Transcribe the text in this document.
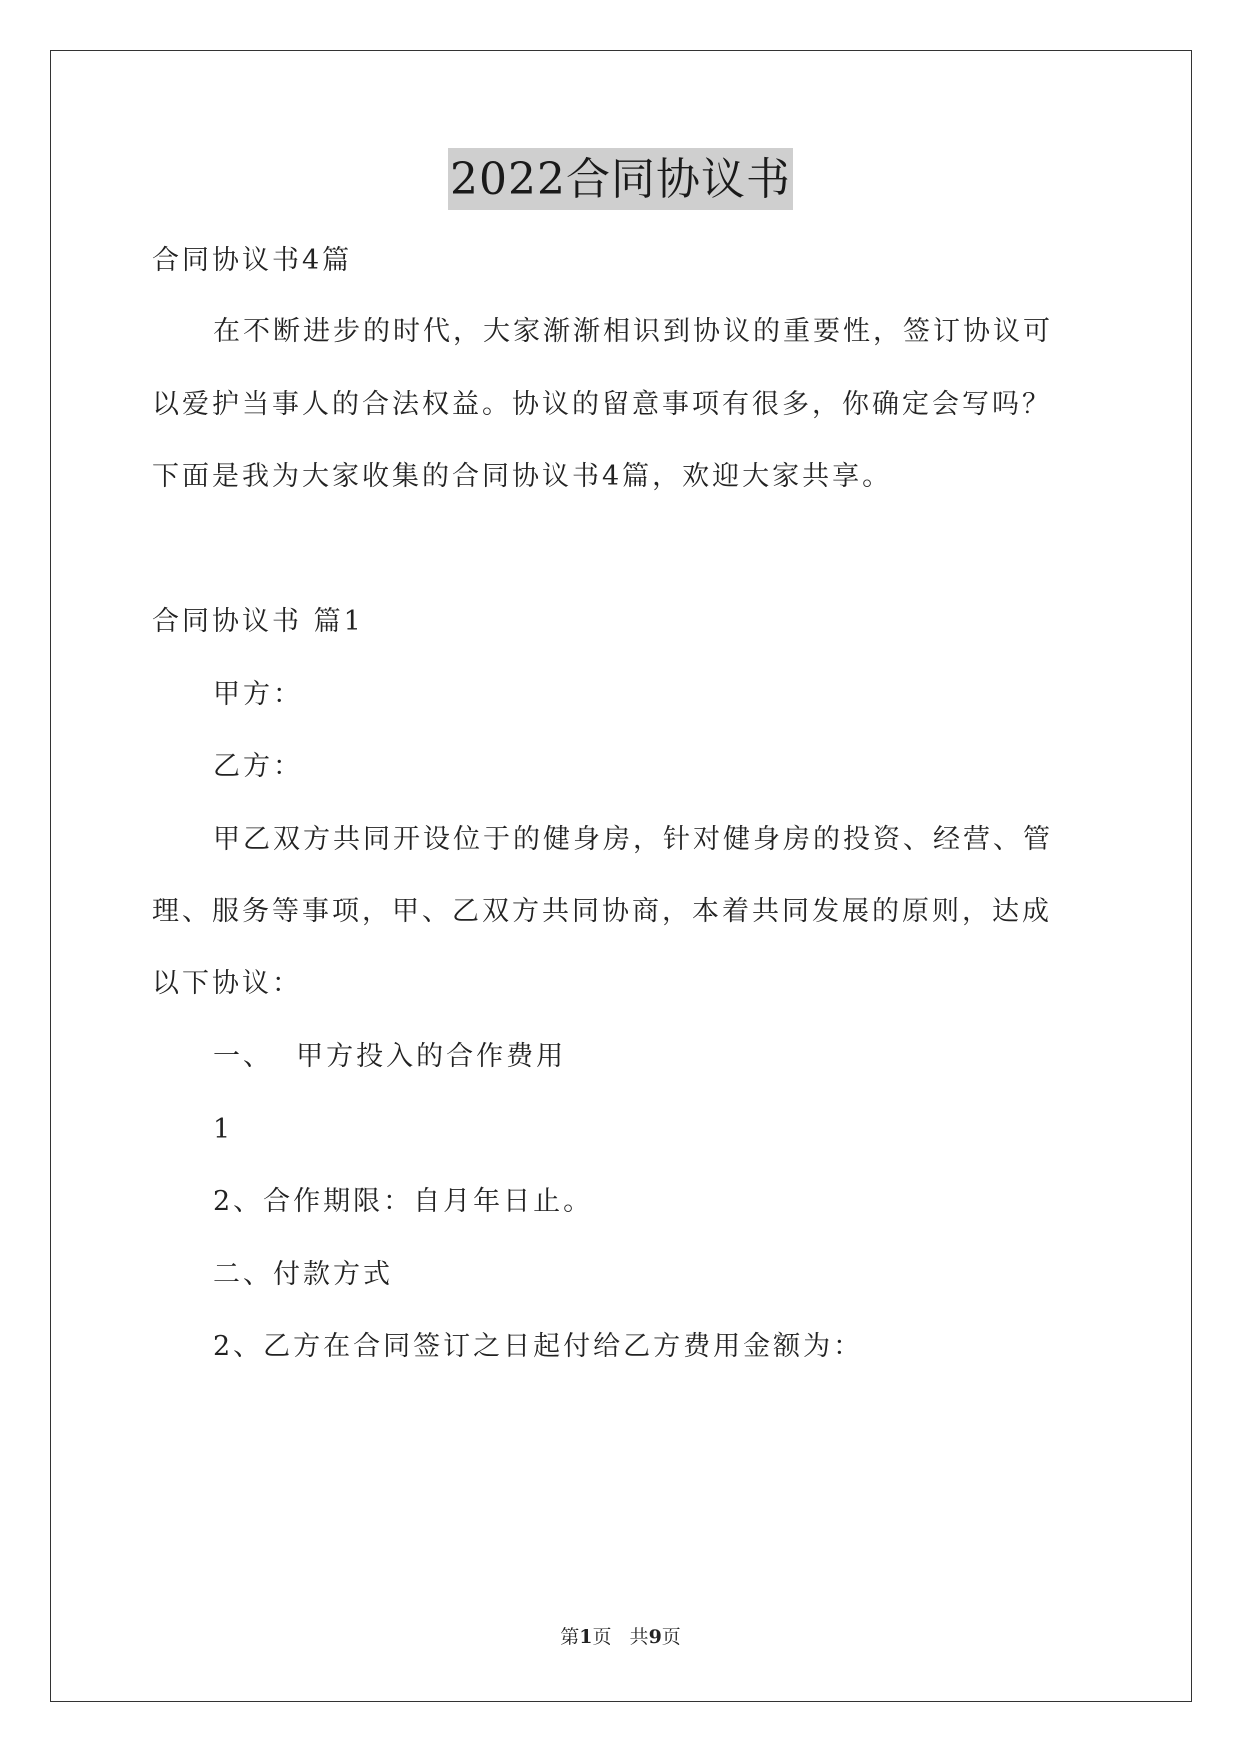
2022合同协议书
合同协议书4篇
在不断进步的时代，大家渐渐相识到协议的重要性，签订协议可
以爱护当事人的合法权益。协议的留意事项有很多，你确定会写吗？
下面是我为大家收集的合同协议书4篇，欢迎大家共享。
合同协议书 篇1
甲方：
乙方：
甲乙双方共同开设位于的健身房，针对健身房的投资、经营、管
理、服务等事项，甲、乙双方共同协商，本着共同发展的原则，达成
以下协议：
一、  甲方投入的合作费用
1
2、合作期限：自月年日止。
二、付款方式
2、乙方在合同签订之日起付给乙方费用金额为：
第1页   共9页
